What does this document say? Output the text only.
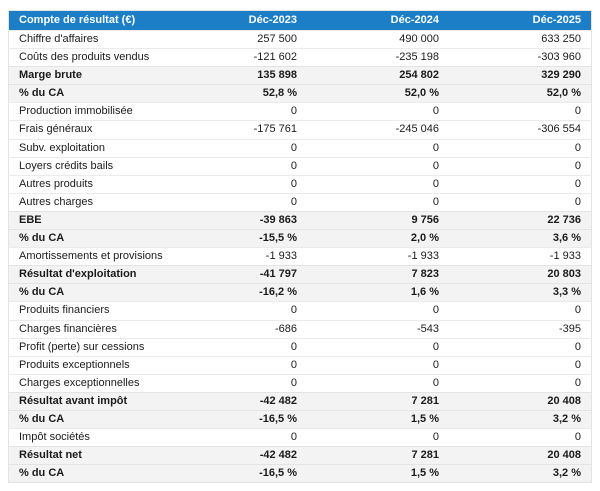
Compte de résultat (€)	Déc-2023	Déc-2024	Déc-2025
Chiffre d'affaires	257 500	490 000	633 250
Coûts des produits vendus	-121 602	-235 198	-303 960
Marge brute	135 898	254 802	329 290
% du CA	52,8 %	52,0 %	52,0 %
Production immobilisée	0	0	0
Frais généraux	-175 761	-245 046	-306 554
Subv. exploitation	0	0	0
Loyers crédits bails	0	0	0
Autres produits	0	0	0
Autres charges	0	0	0
EBE	-39 863	9 756	22 736
% du CA	-15,5 %	2,0 %	3,6 %
Amortissements et provisions	-1 933	-1 933	-1 933
Résultat d'exploitation	-41 797	7 823	20 803
% du CA	-16,2 %	1,6 %	3,3 %
Produits financiers	0	0	0
Charges financières	-686	-543	-395
Profit (perte) sur cessions	0	0	0
Produits exceptionnels	0	0	0
Charges exceptionnelles	0	0	0
Résultat avant impôt	-42 482	7 281	20 408
% du CA	-16,5 %	1,5 %	3,2 %
Impôt sociétés	0	0	0
Résultat net	-42 482	7 281	20 408
% du CA	-16,5 %	1,5 %	3,2 %
